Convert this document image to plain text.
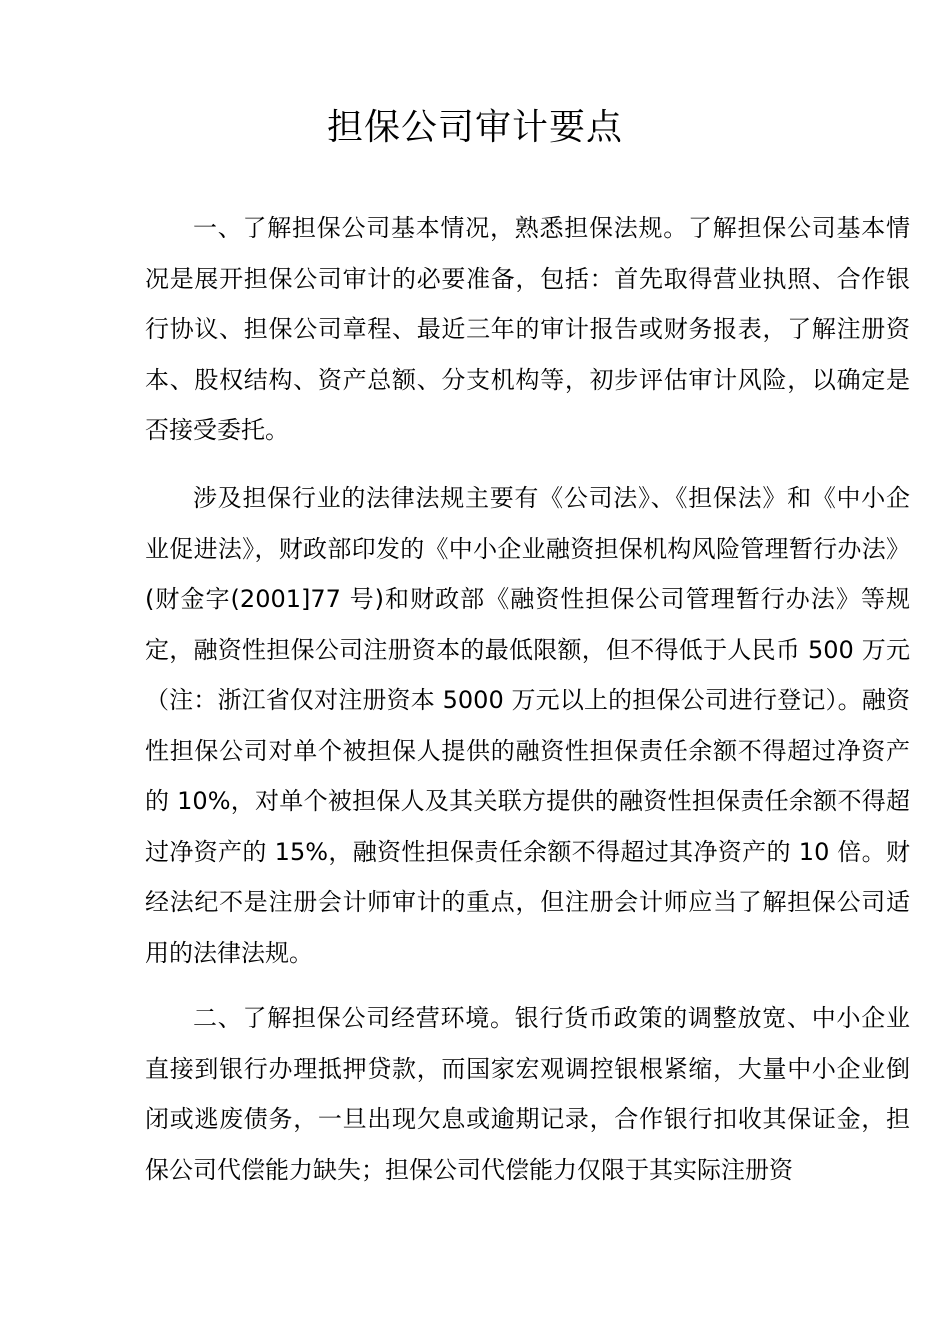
担保公司审计要点

一、了解担保公司基本情况，熟悉担保法规。了解担保公司基本情况是展开担保公司审计的必要准备，包括：首先取得营业执照、合作银行协议、担保公司章程、最近三年的审计报告或财务报表，了解注册资本、股权结构、资产总额、分支机构等，初步评估审计风险，以确定是否接受委托。

涉及担保行业的法律法规主要有《公司法》、《担保法》和《中小企业促进法》，财政部印发的《中小企业融资担保机构风险管理暂行办法》(财金字(2001]77 号)和财政部《融资性担保公司管理暂行办法》等规定，融资性担保公司注册资本的最低限额，但不得低于人民币 500 万元（注：浙江省仅对注册资本 5000 万元以上的担保公司进行登记）。融资性担保公司对单个被担保人提供的融资性担保责任余额不得超过净资产的 10%，对单个被担保人及其关联方提供的融资性担保责任余额不得超过净资产的 15%，融资性担保责任余额不得超过其净资产的 10 倍。财经法纪不是注册会计师审计的重点，但注册会计师应当了解担保公司适用的法律法规。

二、了解担保公司经营环境。银行货币政策的调整放宽、中小企业直接到银行办理抵押贷款，而国家宏观调控银根紧缩，大量中小企业倒闭或逃废债务，一旦出现欠息或逾期记录，合作银行扣收其保证金，担保公司代偿能力缺失；担保公司代偿能力仅限于其实际注册资
